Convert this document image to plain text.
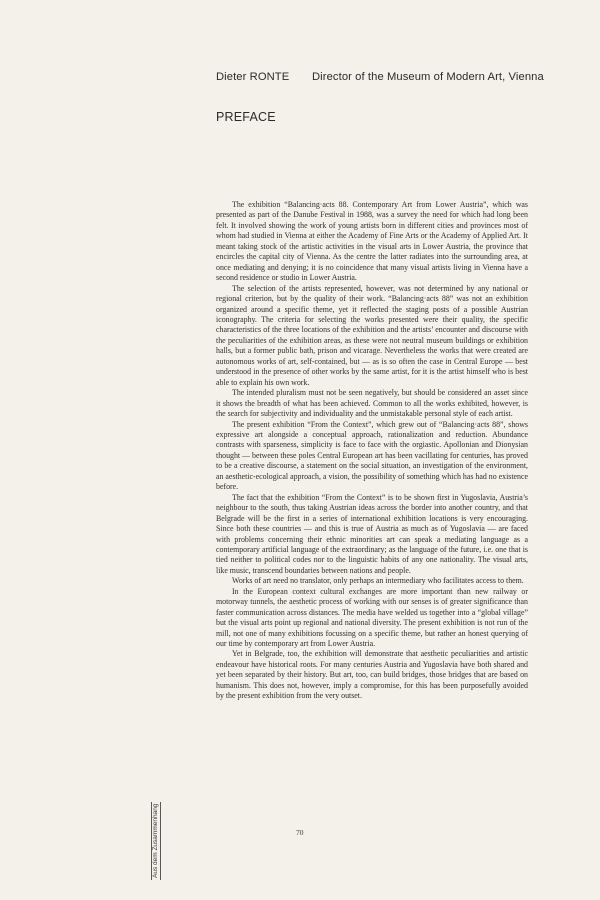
Dieter RONTE Director of the Museum of Modern Art, Vienna
PREFACE

The exhibition “Balancing·acts 88. Contemporary Art from Lower Austria”, which was presented as part of the Danube Festival in 1988, was a survey the need for which had long been felt. It involved showing the work of young artists born in different cities and provinces most of whom had studied in Vienna at either the Academy of Fine Arts or the Academy of Applied Art. It meant taking stock of the artistic activities in the visual arts in Lower Austria, the province that encircles the capital city of Vienna. As the centre the latter radiates into the surrounding area, at once mediating and denying; it is no coincidence that many visual artists living in Vienna have a second residence or studio in Lower Austria.

The selection of the artists represented, however, was not determined by any national or regional criterion, but by the quality of their work. “Balancing·acts 88” was not an exhibition organized around a specific theme, yet it reflected the staging posts of a possible Austrian iconography. The criteria for selecting the works presented were their quality, the specific characteristics of the three locations of the exhibition and the artists’ encounter and discourse with the peculiarities of the exhibition areas, as these were not neutral museum buildings or exhibition halls, but a former public bath, prison and vicarage. Nevertheless the works that were created are autonomous works of art, self-contained, but — as is so often the case in Central Europe — best understood in the presence of other works by the same artist, for it is the artist himself who is best able to explain his own work.

The intended pluralism must not be seen negatively, but should be considered an asset since it shows the breadth of what has been achieved. Common to all the works exhibited, however, is the search for subjectivity and individuality and the unmistakable personal style of each artist.

The present exhibition “From the Context”, which grew out of “Balancing·acts 88”, shows expressive art alongside a conceptual approach, rationalization and reduction. Abundance contrasts with sparseness, simplicity is face to face with the orgiastic. Apollonian and Dionysian thought — between these poles Central European art has been vacillating for centuries, has proved to be a creative discourse, a statement on the social situation, an investigation of the environment, an aesthetic-ecological approach, a vision, the possibility of something which has had no existence before.

The fact that the exhibition “From the Context” is to be shown first in Yugoslavia, Austria’s neighbour to the south, thus taking Austrian ideas across the border into another country, and that Belgrade will be the first in a series of international exhibition locations is very encouraging. Since both these countries — and this is true of Austria as much as of Yugoslavia — are faced with problems concerning their ethnic minorities art can speak a mediating language as a contemporary artificial language of the extraordinary; as the language of the future, i.e. one that is tied neither to political codes nor to the linguistic habits of any one nationality. The visual arts, like music, transcend boundaries between nations and people.

Works of art need no translator, only perhaps an intermediary who facilitates access to them.

In the European context cultural exchanges are more important than new railway or motorway tunnels, the aesthetic process of working with our senses is of greater significance than faster communication across distances. The media have welded us together into a “global village” but the visual arts point up regional and national diversity. The present exhibition is not run of the mill, not one of many exhibitions focussing on a specific theme, but rather an honest querying of our time by contemporary art from Lower Austria.

Yet in Belgrade, too, the exhibition will demonstrate that aesthetic peculiarities and artistic endeavour have historical roots. For many centuries Austria and Yugoslavia have both shared and yet been separated by their history. But art, too, can build bridges, those bridges that are based on humanism. This does not, however, imply a compromise, for this has been purposefully avoided by the present exhibition from the very outset.

70
Aus dem Zusammenhang
